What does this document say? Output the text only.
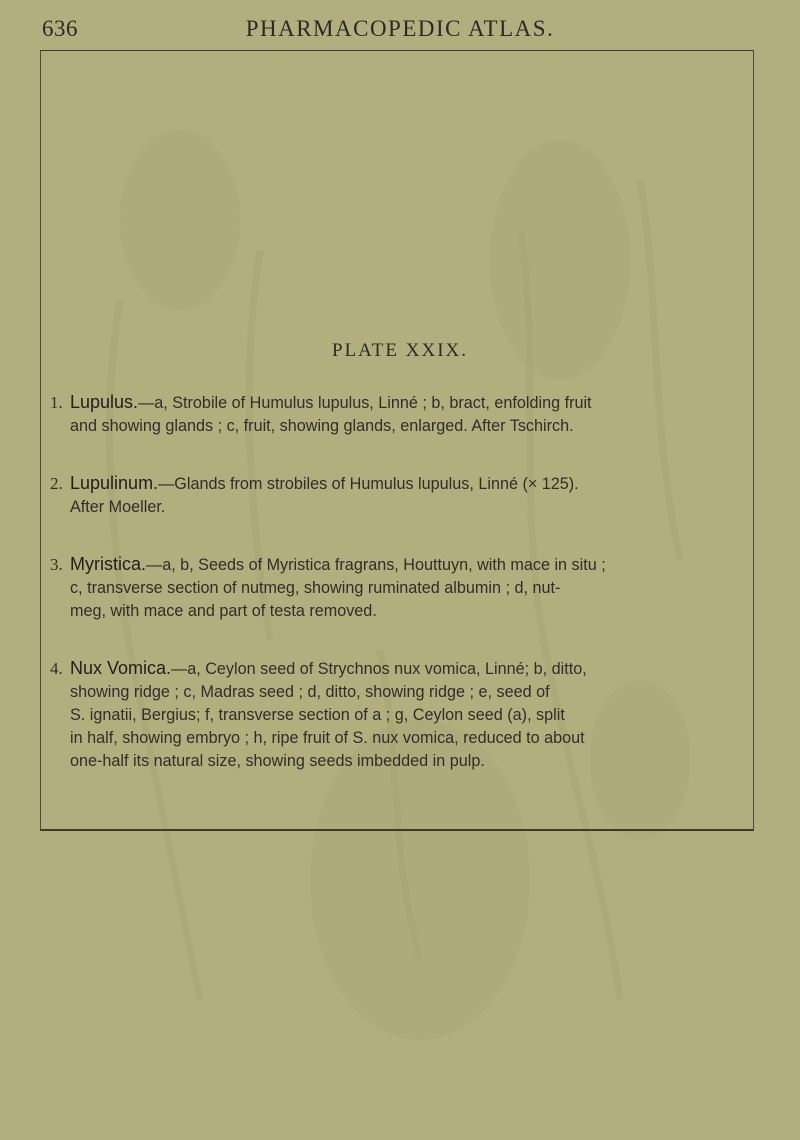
636	PHARMACOPEDIC ATLAS.
PLATE XXIX.
1. Lupulus.—a, Strobile of Humulus lupulus, Linné ; b, bract, enfolding fruit
and showing glands ; c, fruit, showing glands, enlarged. After Tschirch.
2. Lupulinum.—Glands from strobiles of Humulus lupulus, Linné (× 125).
After Moeller.
3. Myristica.—a, b, Seeds of Myristica fragrans, Houttuyn, with mace in situ ;
c, transverse section of nutmeg, showing ruminated albumin ; d, nut-
meg, with mace and part of testa removed.
4. Nux Vomica.—a, Ceylon seed of Strychnos nux vomica, Linné; b, ditto,
showing ridge ; c, Madras seed ; d, ditto, showing ridge ; e, seed of
S. ignatii, Bergius; f, transverse section of a ; g, Ceylon seed (a), split
in half, showing embryo ; h, ripe fruit of S. nux vomica, reduced to about
one-half its natural size, showing seeds imbedded in pulp.
